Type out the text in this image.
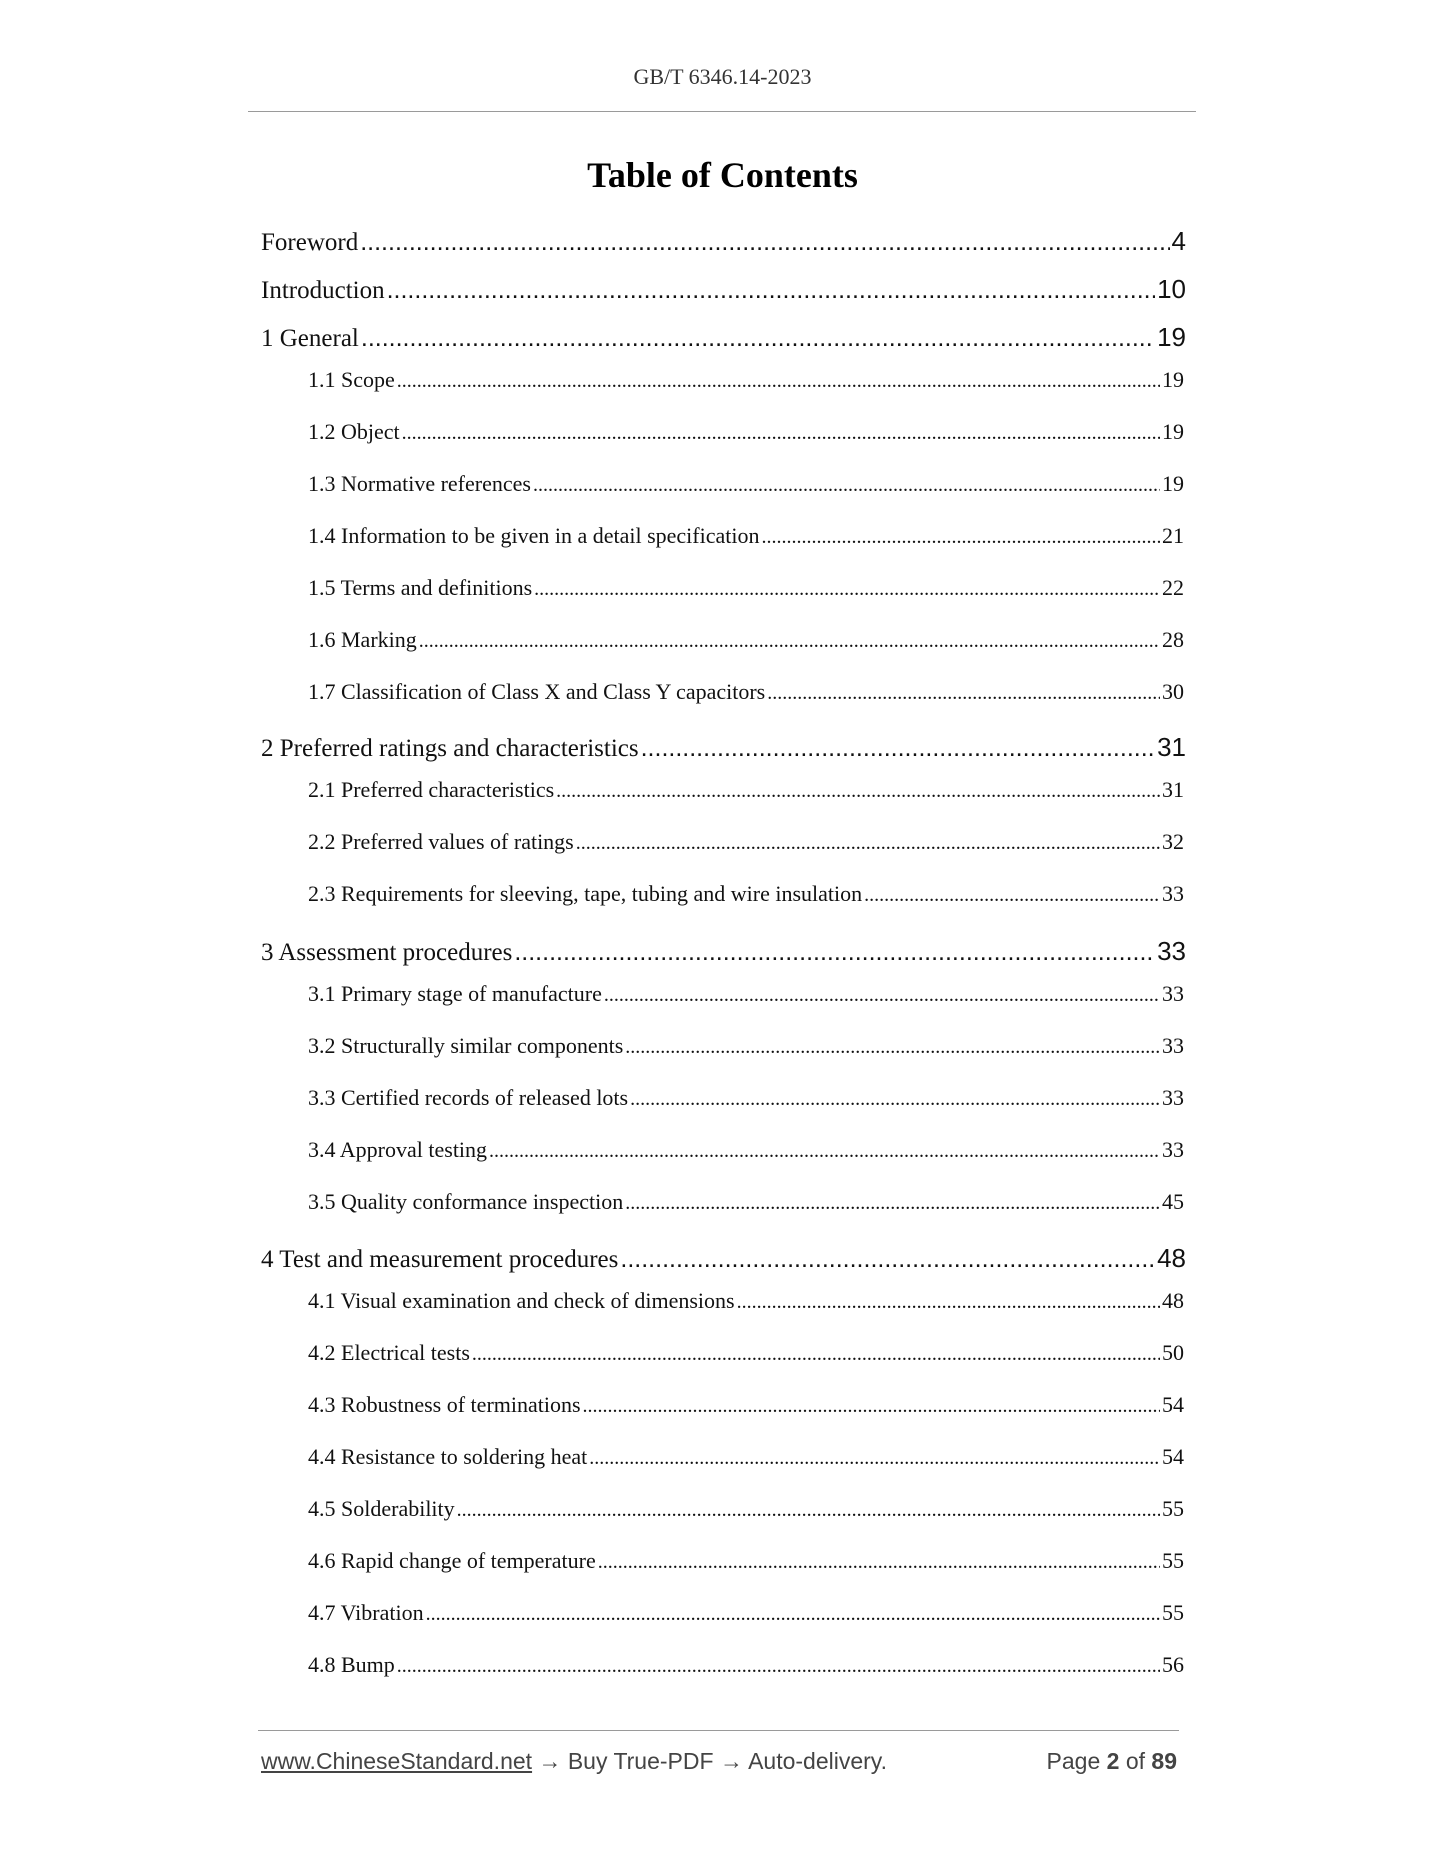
GB/T 6346.14-2023
Table of Contents
Foreword .....	4
Introduction .....	10
1 General .....	19
1.1 Scope .....	19
1.2 Object .....	19
1.3 Normative references .....	19
1.4 Information to be given in a detail specification .....	21
1.5 Terms and definitions .....	22
1.6 Marking .....	28
1.7 Classification of Class X and Class Y capacitors .....	30
2 Preferred ratings and characteristics .....	31
2.1 Preferred characteristics .....	31
2.2 Preferred values of ratings .....	32
2.3 Requirements for sleeving, tape, tubing and wire insulation .....	33
3 Assessment procedures .....	33
3.1 Primary stage of manufacture .....	33
3.2 Structurally similar components .....	33
3.3 Certified records of released lots .....	33
3.4 Approval testing .....	33
3.5 Quality conformance inspection .....	45
4 Test and measurement procedures .....	48
4.1 Visual examination and check of dimensions .....	48
4.2 Electrical tests .....	50
4.3 Robustness of terminations .....	54
4.4 Resistance to soldering heat .....	54
4.5 Solderability .....	55
4.6 Rapid change of temperature .....	55
4.7 Vibration .....	55
4.8 Bump .....	56
www.ChineseStandard.net → Buy True-PDF → Auto-delivery.	Page 2 of 89
